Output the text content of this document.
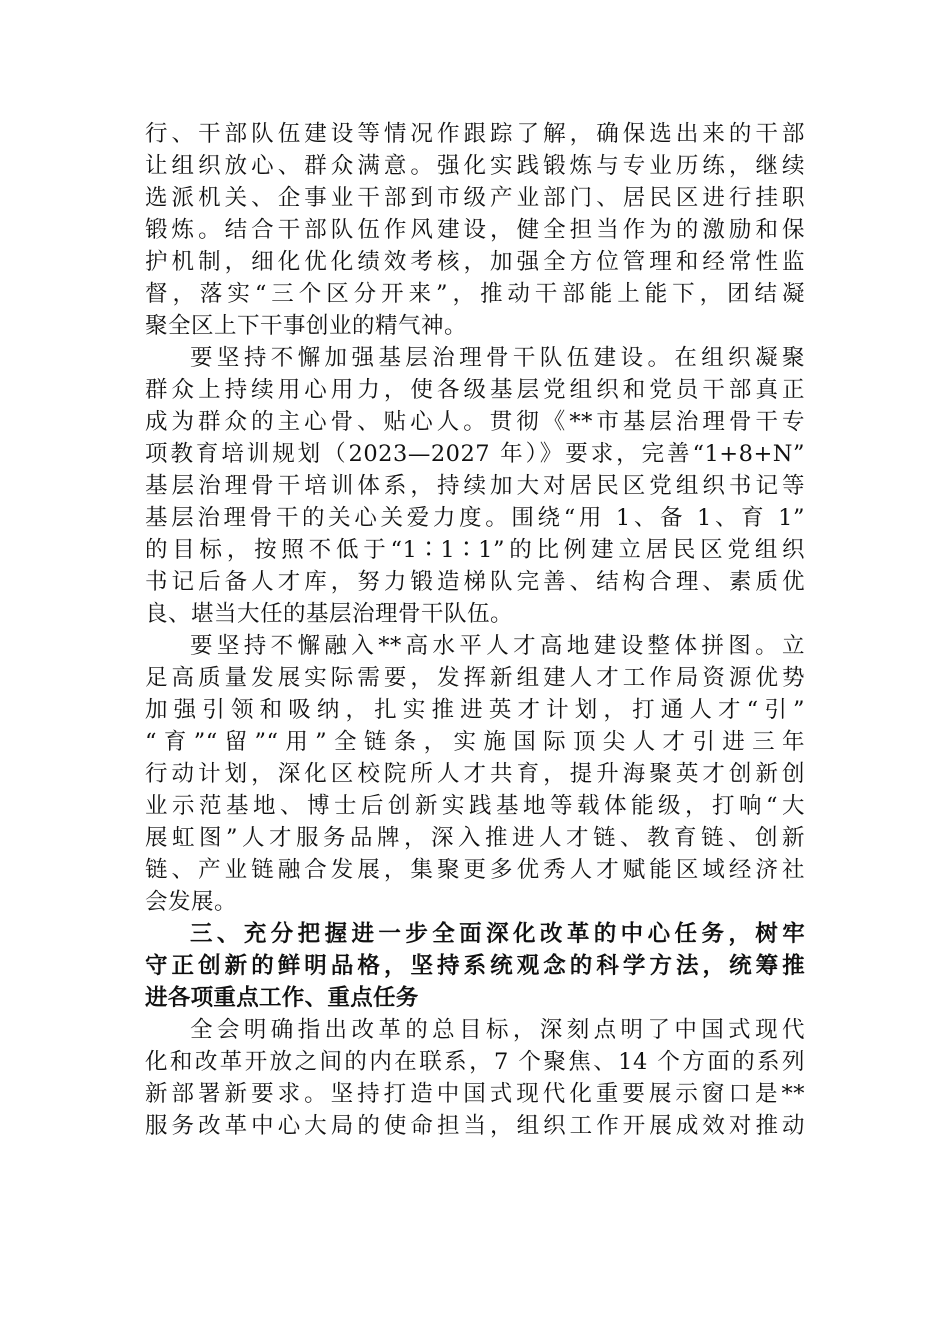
行、干部队伍建设等情况作跟踪了解，确保选出来的干部
让组织放心、群众满意。强化实践锻炼与专业历练，继续
选派机关、企事业干部到市级产业部门、居民区进行挂职
锻炼。结合干部队伍作风建设，健全担当作为的激励和保
护机制，细化优化绩效考核，加强全方位管理和经常性监
督，落实“三个区分开来”，推动干部能上能下，团结凝
聚全区上下干事创业的精气神。
要坚持不懈加强基层治理骨干队伍建设。在组织凝聚
群众上持续用心用力，使各级基层党组织和党员干部真正
成为群众的主心骨、贴心人。贯彻《**市基层治理骨干专
项教育培训规划（2023—2027 年）》要求，完善“1+8+N”
基层治理骨干培训体系，持续加大对居民区党组织书记等
基层治理骨干的关心关爱力度。围绕“用 1、备 1、育 1”
的目标，按照不低于“1∶1∶1”的比例建立居民区党组织
书记后备人才库，努力锻造梯队完善、结构合理、素质优
良、堪当大任的基层治理骨干队伍。
要坚持不懈融入**高水平人才高地建设整体拼图。立
足高质量发展实际需要，发挥新组建人才工作局资源优势
加强引领和吸纳，扎实推进英才计划，打通人才“引”
“育”“留”“用”全链条，实施国际顶尖人才引进三年
行动计划，深化区校院所人才共育，提升海聚英才创新创
业示范基地、博士后创新实践基地等载体能级，打响“大
展虹图”人才服务品牌，深入推进人才链、教育链、创新
链、产业链融合发展，集聚更多优秀人才赋能区域经济社
会发展。
三、充分把握进一步全面深化改革的中心任务，树牢
守正创新的鲜明品格，坚持系统观念的科学方法，统筹推
进各项重点工作、重点任务
全会明确指出改革的总目标，深刻点明了中国式现代
化和改革开放之间的内在联系，7 个聚焦、14 个方面的系列
新部署新要求。坚持打造中国式现代化重要展示窗口是**
服务改革中心大局的使命担当，组织工作开展成效对推动
